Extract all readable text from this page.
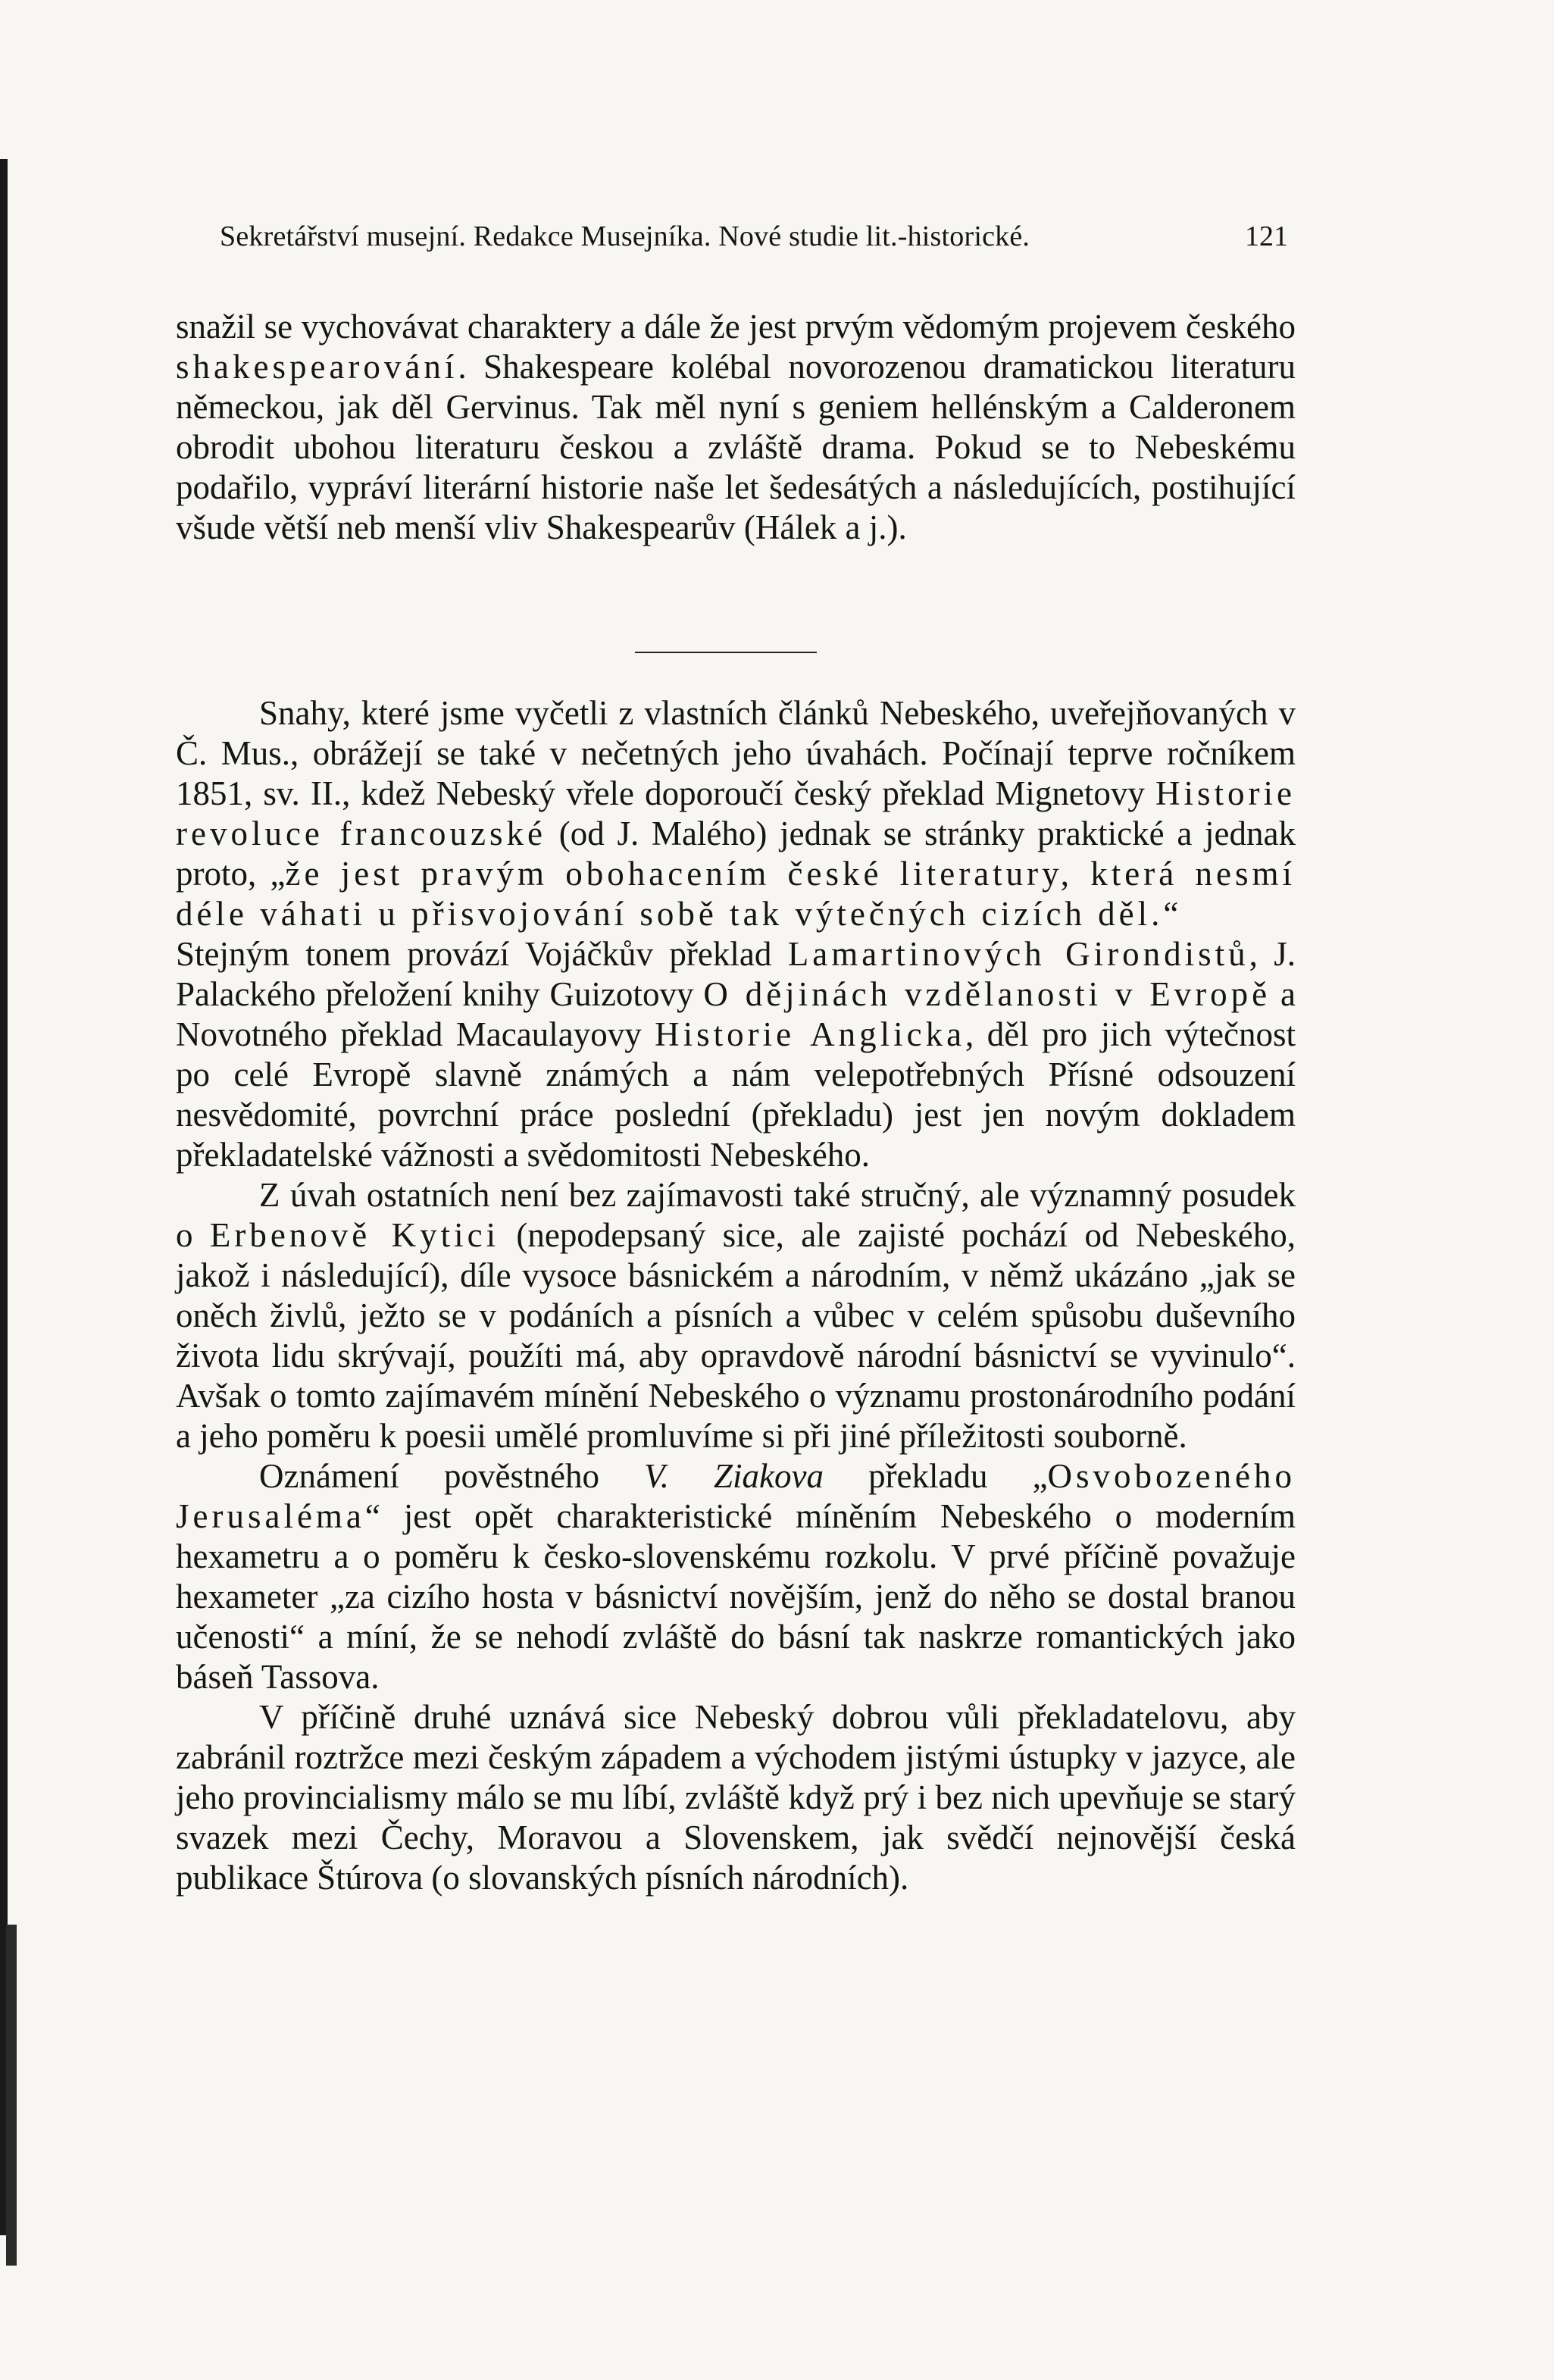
Sekretářství musejní. Redakce Musejníka. Nové studie lit.-historické.	121

snažil se vychovávat charaktery a dále že jest prvým vědomým projevem českého shakespearování. Shakespeare kolébal novorozenou dramatickou literaturu německou, jak děl Gervinus. Tak měl nyní s geniem hellénským a Calderonem obrodit ubohou literaturu českou a zvláště drama. Pokud se to Nebeskému podařilo, vypráví literární historie naše let šedesátých a následujících, postihující všude větší neb menší vliv Shakespearův (Hálek a j.).

Snahy, které jsme vyčetli z vlastních článků Nebeského, uveřejňovaných v Č. Mus., obrážejí se také v nečetných jeho úvahách. Počínají teprve ročníkem 1851, sv. II., kdež Nebeský vřele doporoučí český překlad Mignetovy Historie revoluce francouzské (od J. Malého) jednak se stránky praktické a jednak proto, „že jest pravým obohacením české literatury, která nesmí déle váhati u přisvojování sobě tak výtečných cizích děl.“

Stejným tonem provází Vojáčkův překlad Lamartinových Girondistů, J. Palackého přeložení knihy Guizotovy O dějinách vzdělanosti v Evropě a Novotného překlad Macaulayovy Historie Anglicka, děl pro jich výtečnost po celé Evropě slavně známých a nám velepotřebných Přísné odsouzení nesvědomité, povrchní práce poslední (překladu) jest jen novým dokladem překladatelské vážnosti a svědomitosti Nebeského.

Z úvah ostatních není bez zajímavosti také stručný, ale významný posudek o Erbenově Kytici (nepodepsaný sice, ale zajisté pochází od Nebeského, jakož i následující), díle vysoce básnickém a národním, v němž ukázáno „jak se oněch živlů, ježto se v podáních a písních a vůbec v celém spůsobu duševního života lidu skrývají, použíti má, aby opravdově národní básnictví se vyvinulo“. Avšak o tomto zajímavém mínění Nebeského o významu prostonárodního podání a jeho poměru k poesii umělé promluvíme si při jiné příležitosti souborně.

Oznámení pověstného V. Ziakova překladu „Osvobozeného Jerusaléma“ jest opět charakteristické míněním Nebeského o moderním hexametru a o poměru k česko-slovenskému rozkolu. V prvé příčině považuje hexameter „za cizího hosta v básnictví novějším, jenž do něho se dostal branou učenosti“ a míní, že se nehodí zvláště do básní tak naskrze romantických jako báseň Tassova.

V příčině druhé uznává sice Nebeský dobrou vůli překladatelovu, aby zabránil roztržce mezi českým západem a východem jistými ústupky v jazyce, ale jeho provincialismy málo se mu líbí, zvláště když prý i bez nich upevňuje se starý svazek mezi Čechy, Moravou a Slovenskem, jak svědčí nejnovější česká publikace Štúrova (o slovanských písních národních).
